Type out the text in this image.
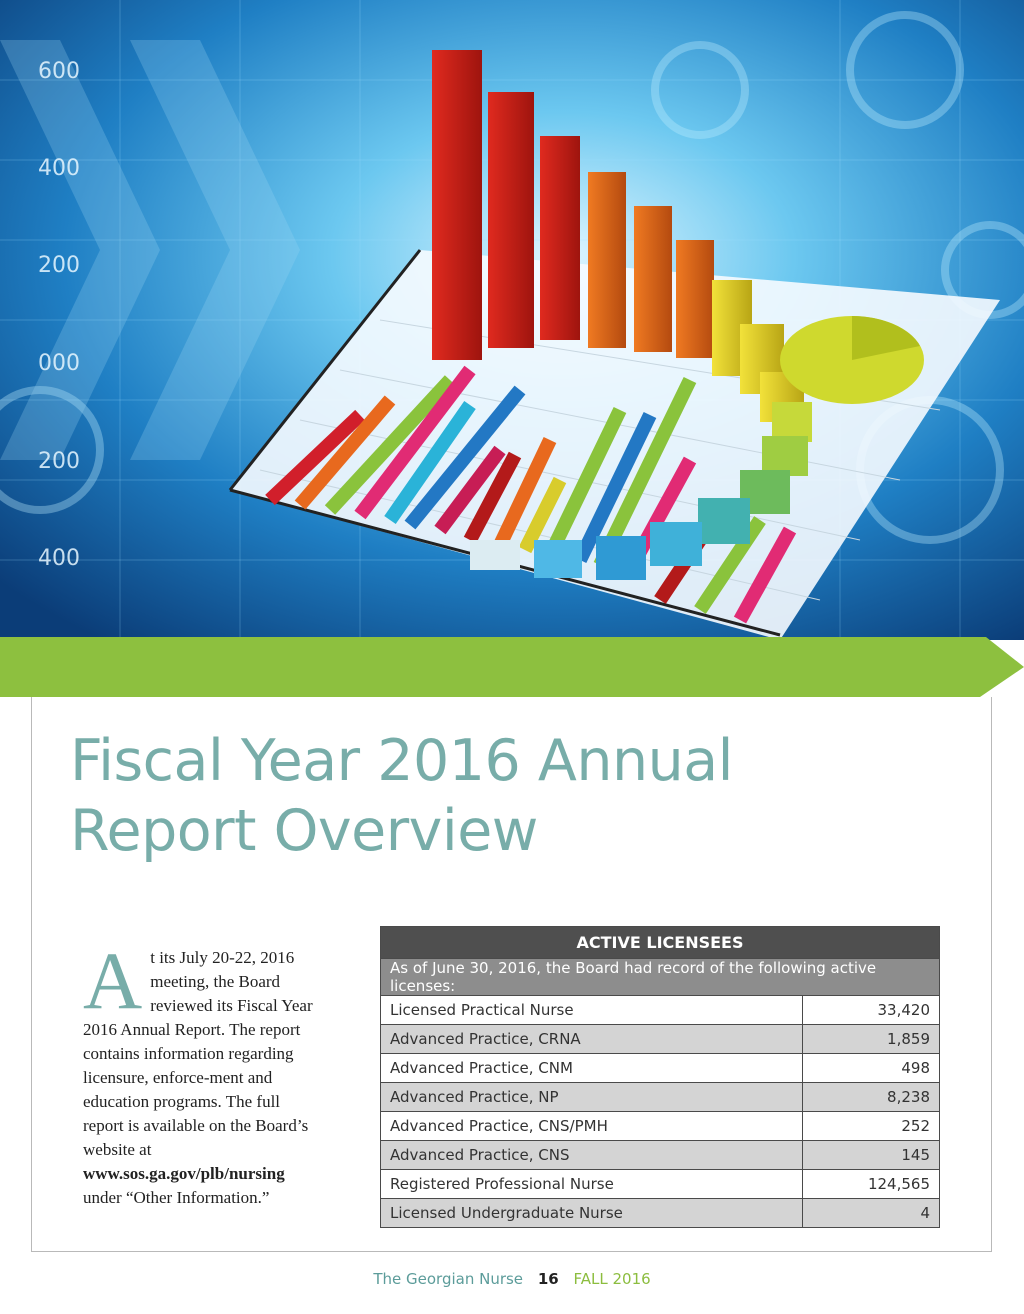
600
400
200
000
200
400
Fiscal Year 2016 Annual
Report Overview
A t its July 20-22, 2016 meeting, the Board reviewed its Fiscal Year 2016 Annual Report. The report contains information regarding licensure, enforce-ment and education programs. The full report is available on the Board’s website at www.sos.ga.gov/plb/nursing under “Other Information.”
ACTIVE LICENSEES	
As of June 30, 2016, the Board had record of the following active licenses:	
Licensed Practical Nurse	33,420
Advanced Practice, CRNA	1,859
Advanced Practice, CNM	498
Advanced Practice, NP	8,238
Advanced Practice, CNS/PMH	252
Advanced Practice, CNS	145
Registered Professional Nurse	124,565
Licensed Undergraduate Nurse	4
The Georgian Nurse 16 FALL 2016
